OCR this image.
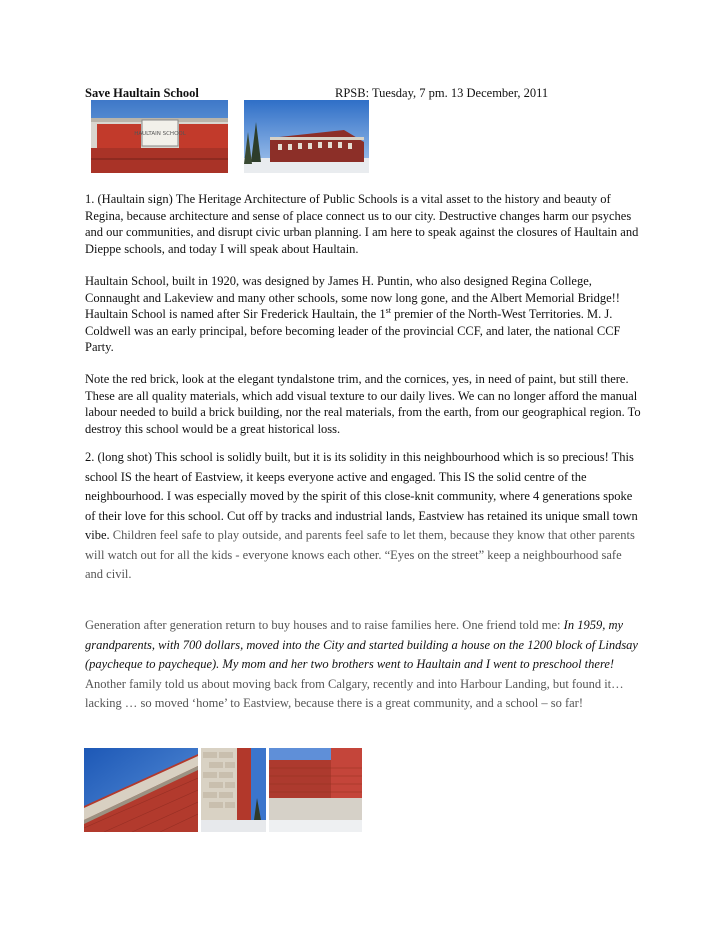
Save Haultain School	RPSB: Tuesday, 7 pm. 13 December, 2011
HAULTAIN SCHOOL
1. (Haultain sign) The Heritage Architecture of Public Schools is a vital asset to the history and beauty of Regina, because architecture and sense of place connect us to our city. Destructive changes harm our psyches and our communities, and disrupt civic urban planning. I am here to speak against the closures of Haultain and Dieppe schools, and today I will speak about Haultain.
Haultain School, built in 1920, was designed by James H. Puntin, who also designed Regina College, Connaught and Lakeview and many other schools, some now long gone, and the Albert Memorial Bridge!! Haultain School is named after Sir Frederick Haultain, the 1st premier of the North-West Territories. M. J. Coldwell was an early principal, before becoming leader of the provincial CCF, and later, the national CCF Party.
Note the red brick, look at the elegant tyndalstone trim, and the cornices, yes, in need of paint, but still there. These are all quality materials, which add visual texture to our daily lives. We can no longer afford the manual labour needed to build a brick building, nor the real materials, from the earth, from our geographical region. To destroy this school would be a great historical loss.
2. (long shot) This school is solidly built, but it is its solidity in this neighbourhood which is so precious! This school IS the heart of Eastview, it keeps everyone active and engaged. This IS the solid centre of the neighbourhood. I was especially moved by the spirit of this close-knit community, where 4 generations spoke of their love for this school. Cut off by tracks and industrial lands, Eastview has retained its unique small town vibe. Children feel safe to play outside, and parents feel safe to let them, because they know that other parents will watch out for all the kids - everyone knows each other. “Eyes on the street” keep a neighbourhood safe and civil.
Generation after generation return to buy houses and to raise families here. One friend told me: In 1959, my grandparents, with 700 dollars, moved into the City and started building a house on the 1200 block of Lindsay (paycheque to paycheque). My mom and her two brothers went to Haultain and I went to preschool there! Another family told us about moving back from Calgary, recently and into Harbour Landing, but found it… lacking … so moved ‘home’ to Eastview, because there is a great community, and a school – so far!
